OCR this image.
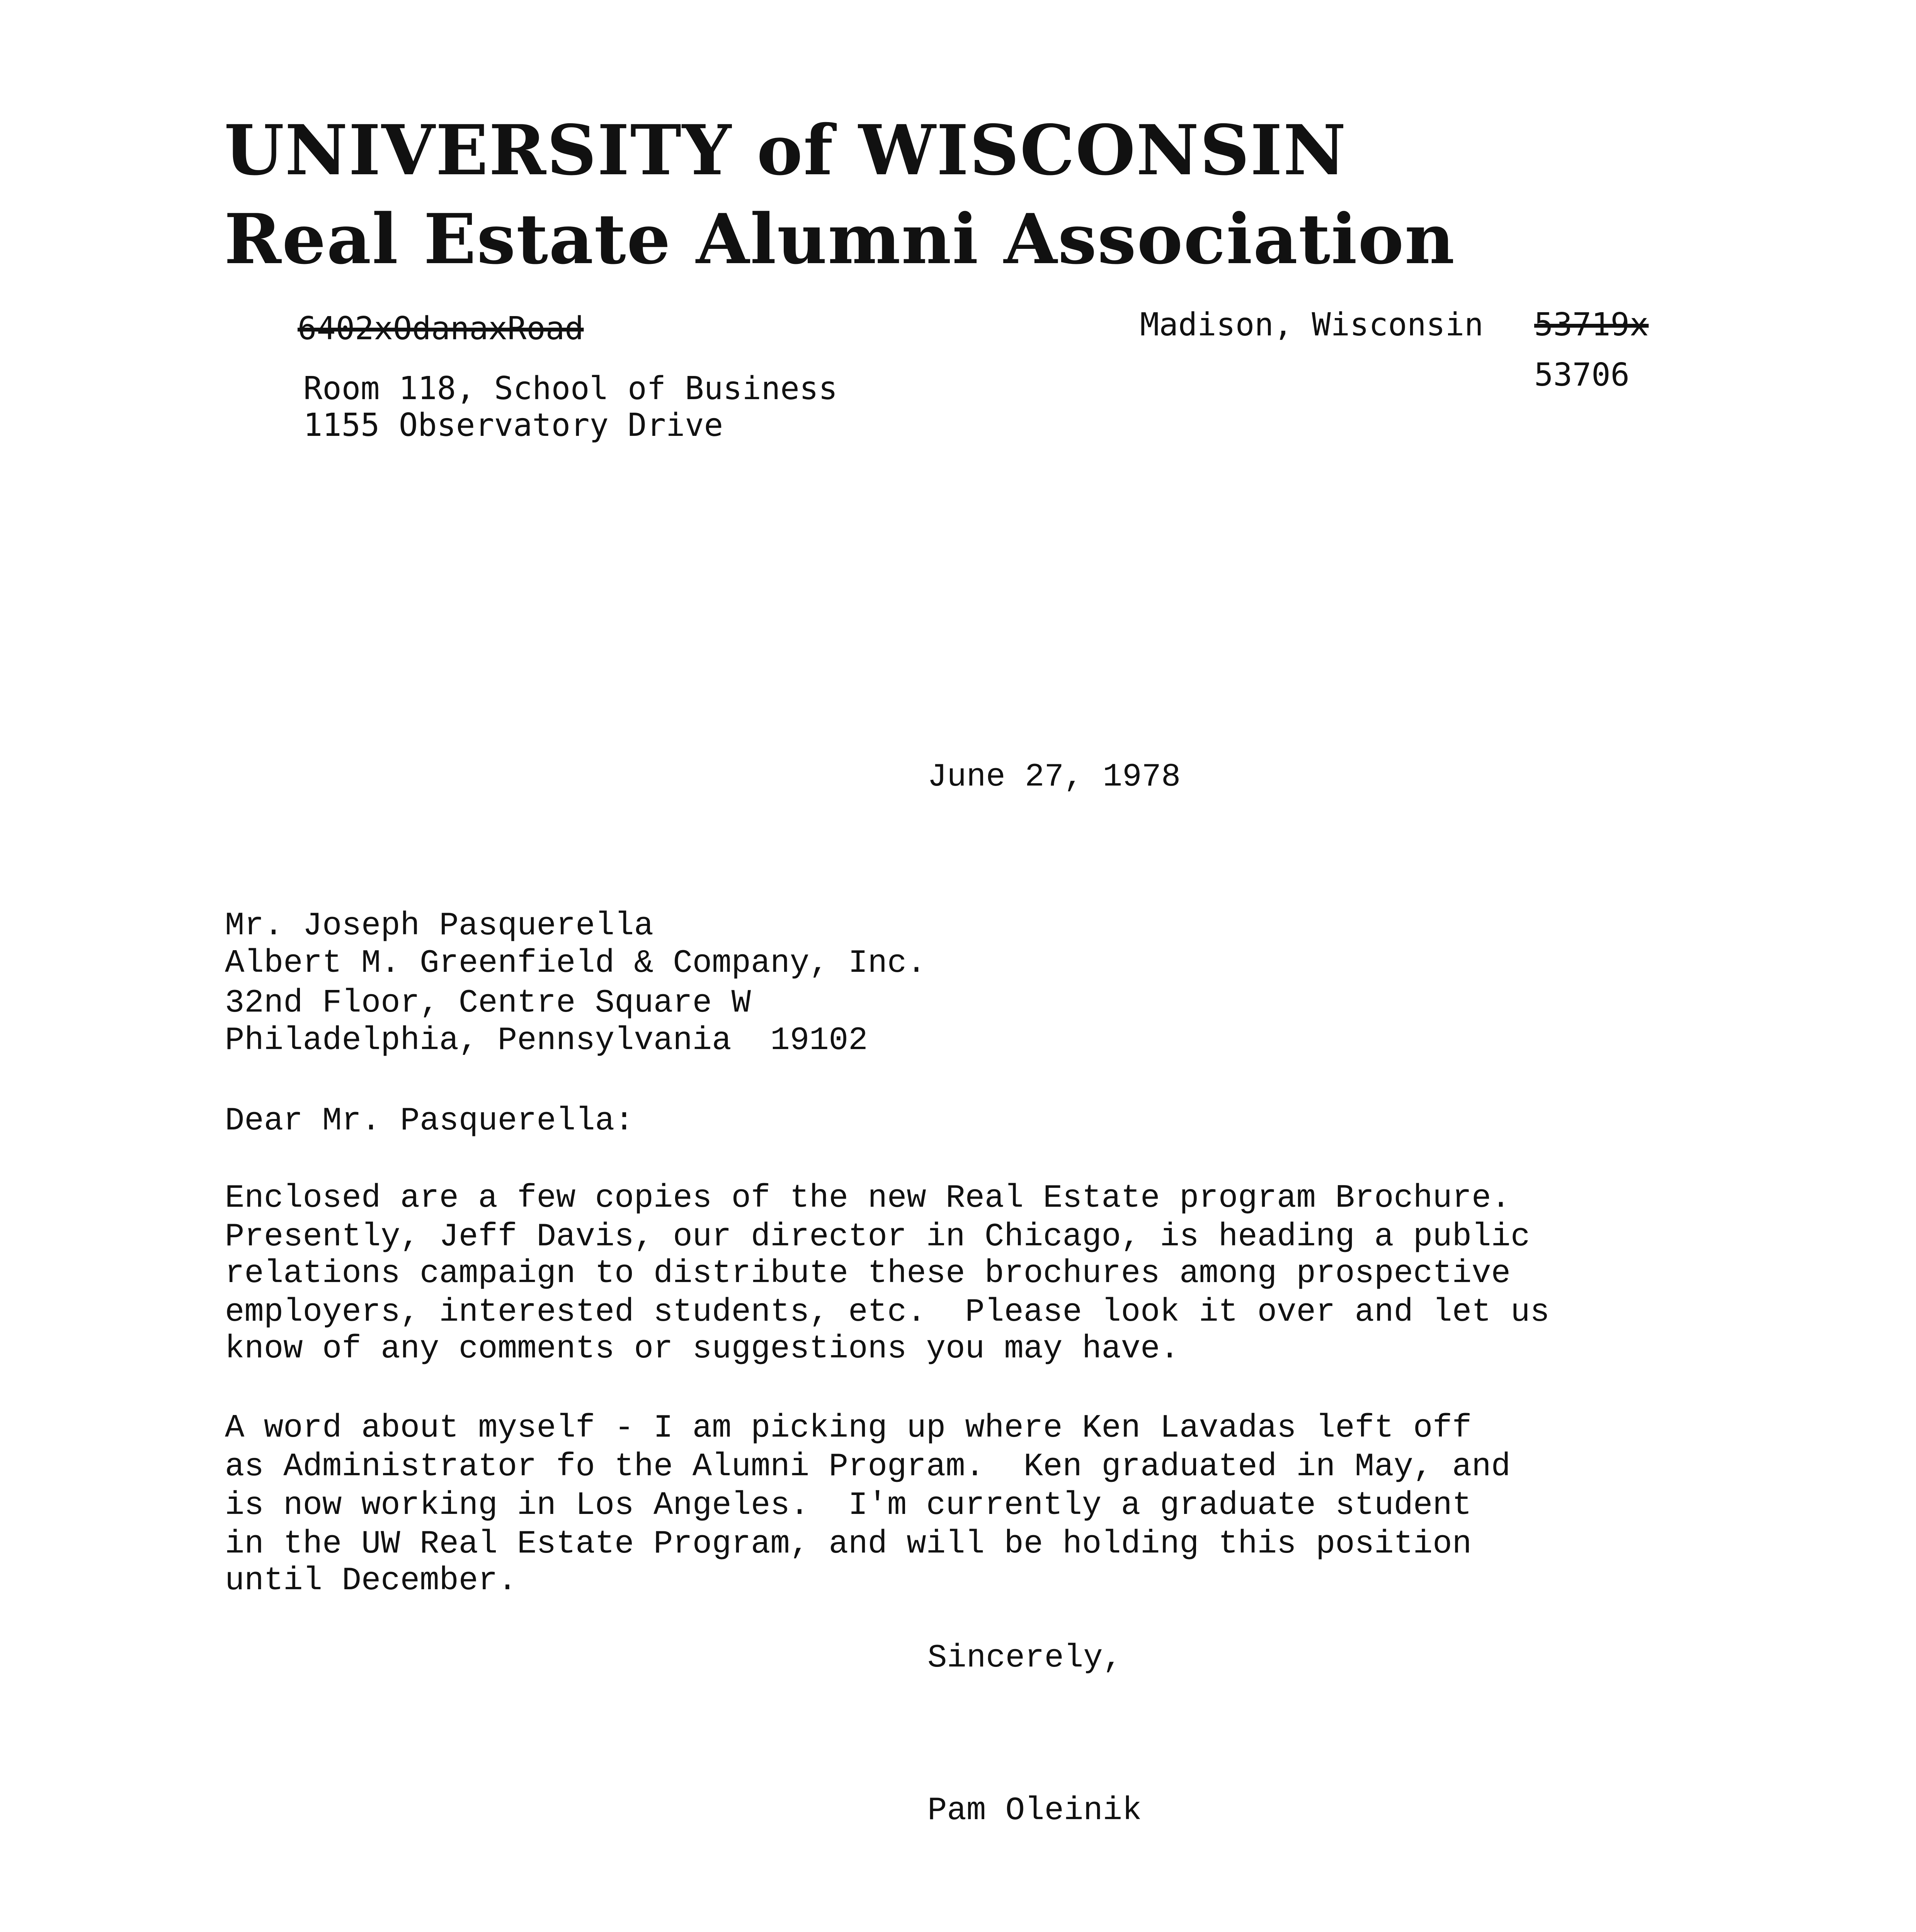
UNIVERSITY of WISCONSIN
Real Estate Alumni Association
6402xOdanaxRoad
Room 118, School of Business
1155 Observatory Drive
Madison, Wisconsin 53719x
53706
June 27, 1978
Mr. Joseph Pasquerella
Albert M. Greenfield & Company, Inc.
32nd Floor, Centre Square W
Philadelphia, Pennsylvania  19102
Dear Mr. Pasquerella:
Enclosed are a few copies of the new Real Estate program Brochure.
Presently, Jeff Davis, our director in Chicago, is heading a public
relations campaign to distribute these brochures among prospective
employers, interested students, etc.  Please look it over and let us
know of any comments or suggestions you may have.
A word about myself - I am picking up where Ken Lavadas left off
as Administrator fo the Alumni Program.  Ken graduated in May, and
is now working in Los Angeles.  I'm currently a graduate student
in the UW Real Estate Program, and will be holding this position
until December.
Sincerely,
Pam Oleinik
